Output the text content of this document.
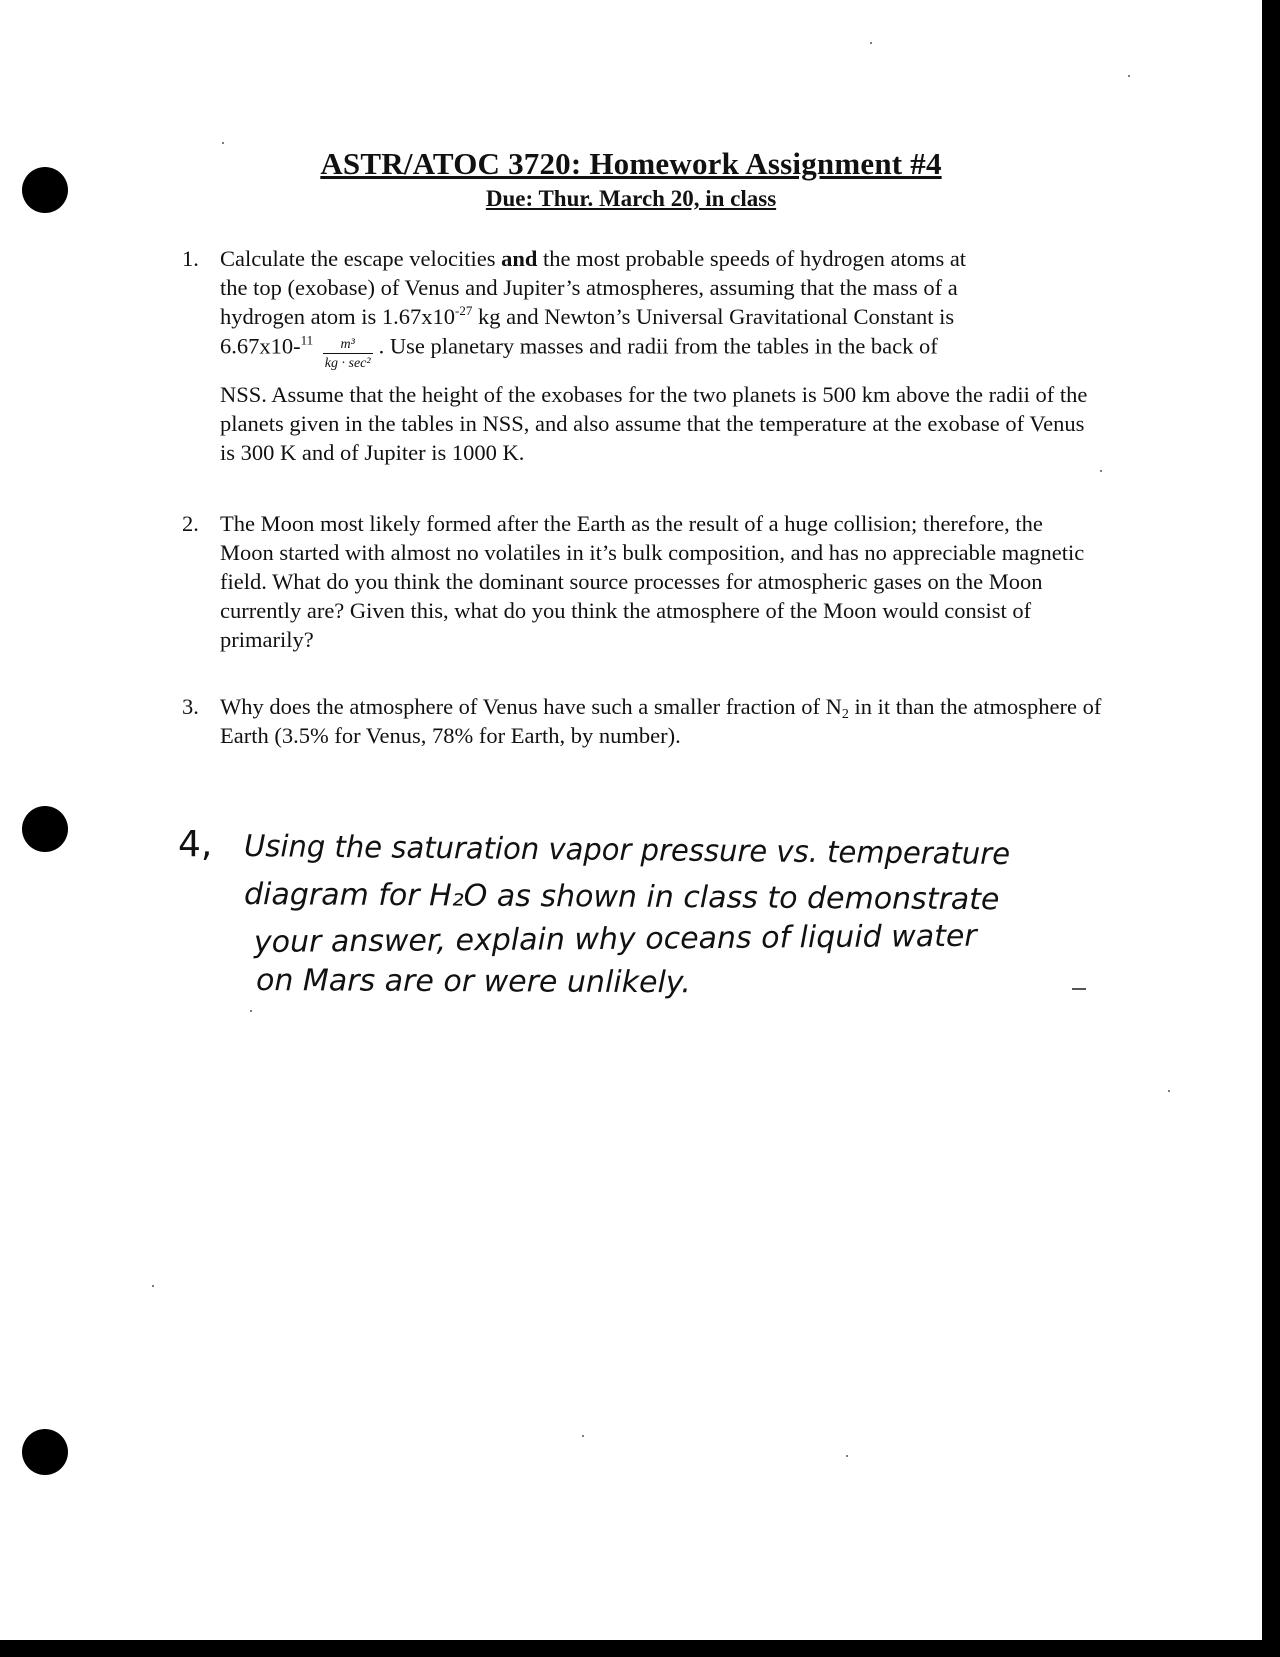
ASTR/ATOC 3720: Homework Assignment #4
Due: Thur. March 20, in class
1. Calculate the escape velocities and the most probable speeds of hydrogen atoms at
the top (exobase) of Venus and Jupiter’s atmospheres, assuming that the mass of a
hydrogen atom is $1.67x10^{-27}$ kg and Newton’s Universal Gravitational Constant is
$6.67x10-^{11} \frac{\text{m³}}{\text{kg · sec²}}$ . Use planetary masses and radii from the tables in the back of
NSS. Assume that the height of the exobases for the two planets is 500 km above the radii of the planets given in the tables in NSS, and also assume that the temperature at the exobase of Venus is 300 K and of Jupiter is 1000 K.
2. The Moon most likely formed after the Earth as the result of a huge collision; therefore, the Moon started with almost no volatiles in it’s bulk composition, and has no appreciable magnetic field. What do you think the dominant source processes for atmospheric gases on the Moon currently are? Given this, what do you think the atmosphere of the Moon would consist of primarily?
3. Why does the atmosphere of Venus have such a smaller fraction of $N_2$ in it than the atmosphere of Earth (3.5% for Venus, 78% for Earth, by number).
4, Using the saturation vapor pressure vs. temperature
diagram for H₂O as shown in class to demonstrate
your answer, explain why oceans of liquid water
on Mars are or were unlikely.
